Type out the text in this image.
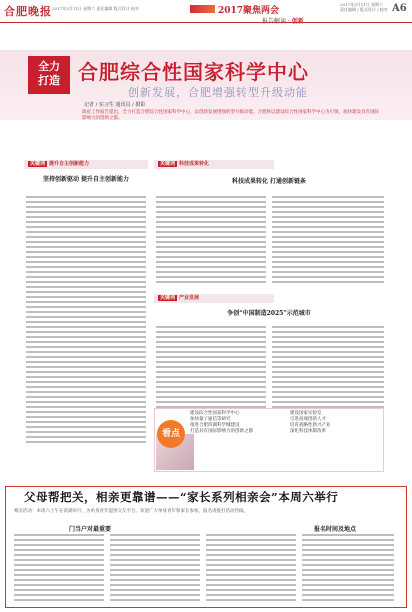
合肥晚报 2017年3月11日 星期六 责任编辑 版式设计 校对	2017聚焦两会
2017年3月11日 星期六
责任编辑 / 版式设计 / 校对 A6
全力
打造 合肥综合性国家科学中心
创新发展，合肥增强转型升级动能
记者 / 实习生 通讯员 / 摄影
政府工作报告提出，全力打造合肥综合性国家科学中心，以创新发展增强转型升级动能。合肥将以建设综合性国家科学中心为引领，加快建设具有国际影响力的创新之都。
关键词 提升自主创新能力
坚持创新驱动 提升自主创新能力
关键词 科技成果转化
科技成果转化 打通创新链条
关键词 产业发展
争创“中国制造2025”示范城市
看点
建设综合性国家科学中心
加快量子通信等研究
推进合肥滨湖科学城建设
打造具有国际影响力的创新之都
建设国家实验室
引进高端创新人才
培育战略性新兴产业
深化科技体制改革
父母帮把关，相亲更靠谱——“家长系列相亲会”本周六举行
相亲活动：本周六上午在滨湖举行，为单身青年提供交友平台。欢迎广大单身青年和家长参加，报名请拨打活动热线。
门当户对最重要	报名时间及地点
